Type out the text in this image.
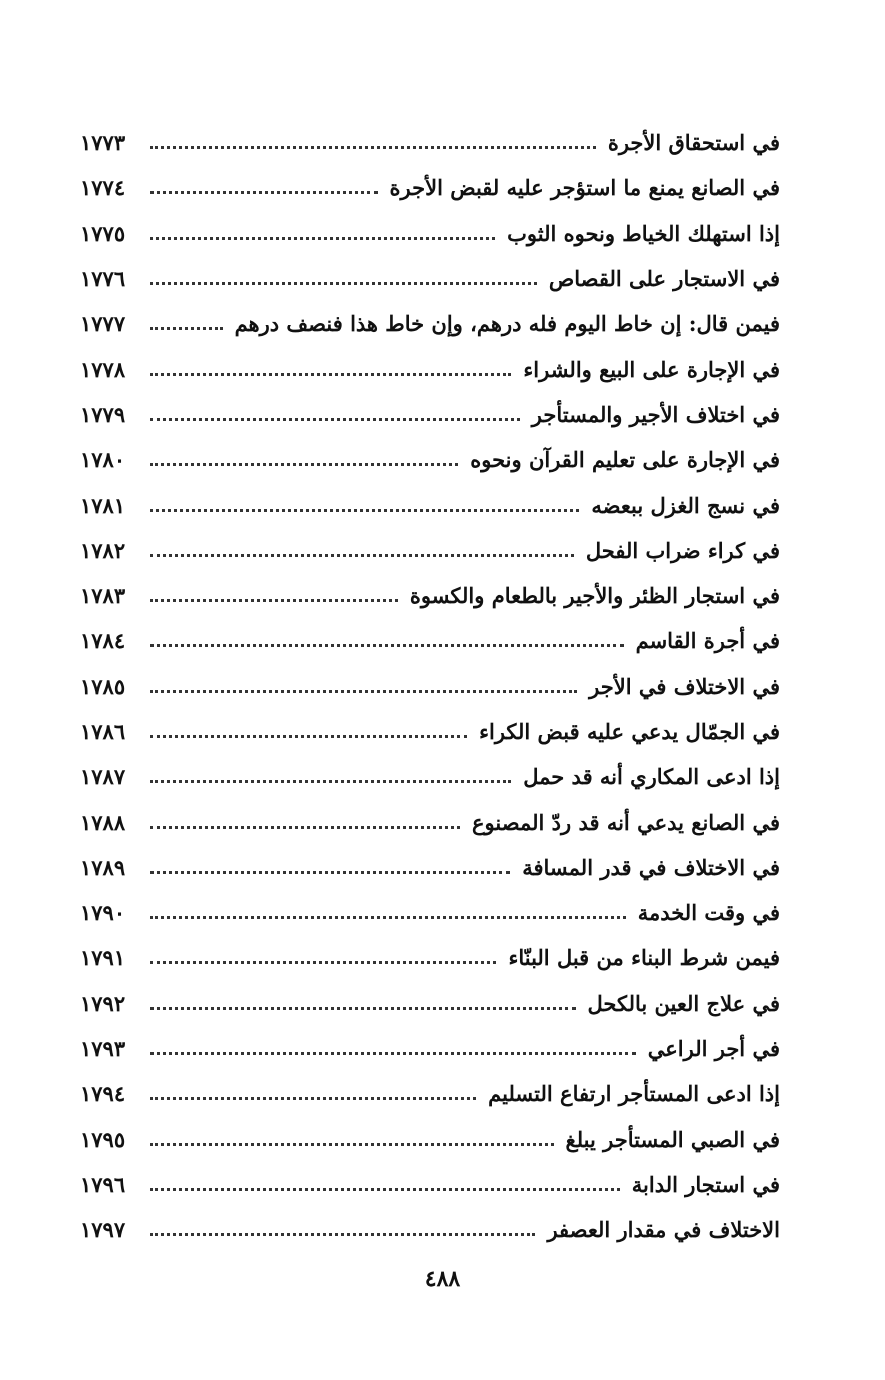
في استحقاق الأجرة
١٧٧٣
في الصانع يمنع ما استؤجر عليه لقبض الأجرة
١٧٧٤
إذا استهلك الخياط ونحوه الثوب
١٧٧٥
في الاستجار على القصاص
١٧٧٦
فيمن قال: إن خاط اليوم فله درهم، وإن خاط هذا فنصف درهم
١٧٧٧
في الإجارة على البيع والشراء
١٧٧٨
في اختلاف الأجير والمستأجر
١٧٧٩
في الإجارة على تعليم القرآن ونحوه
١٧٨٠
في نسج الغزل ببعضه
١٧٨١
في كراء ضراب الفحل
١٧٨٢
في استجار الظئر والأجير بالطعام والكسوة
١٧٨٣
في أجرة القاسم
١٧٨٤
في الاختلاف في الأجر
١٧٨٥
في الجمّال يدعي عليه قبض الكراء
١٧٨٦
إذا ادعى المكاري أنه قد حمل
١٧٨٧
في الصانع يدعي أنه قد ردّ المصنوع
١٧٨٨
في الاختلاف في قدر المسافة
١٧٨٩
في وقت الخدمة
١٧٩٠
فيمن شرط البناء من قبل البنّاء
١٧٩١
في علاج العين بالكحل
١٧٩٢
في أجر الراعي
١٧٩٣
إذا ادعى المستأجر ارتفاع التسليم
١٧٩٤
في الصبي المستأجر يبلغ
١٧٩٥
في استجار الدابة
١٧٩٦
الاختلاف في مقدار العصفر
١٧٩٧
٤٨٨
